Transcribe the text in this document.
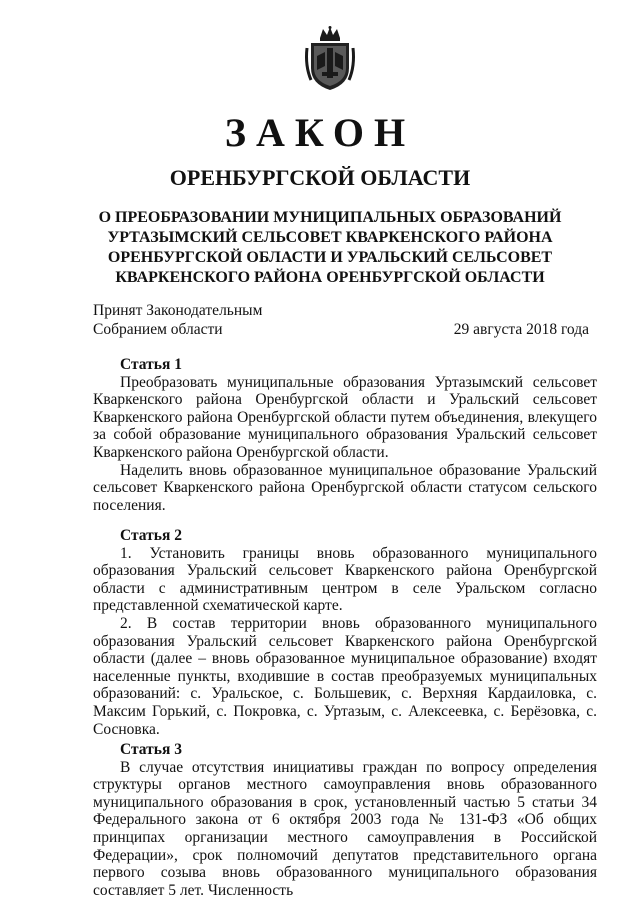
ЗАКОН
ОРЕНБУРГСКОЙ ОБЛАСТИ
О ПРЕОБРАЗОВАНИИ МУНИЦИПАЛЬНЫХ ОБРАЗОВАНИЙ
УРТАЗЫМСКИЙ СЕЛЬСОВЕТ КВАРКЕНСКОГО РАЙОНА
ОРЕНБУРГСКОЙ ОБЛАСТИ И УРАЛЬСКИЙ СЕЛЬСОВЕТ
КВАРКЕНСКОГО РАЙОНА ОРЕНБУРГСКОЙ ОБЛАСТИ
Принят Законодательным
Собранием области	29 августа 2018 года
Статья 1

Преобразовать муниципальные образования Уртазымский сельсовет Кваркенского района Оренбургской области и Уральский сельсовет Кваркенского района Оренбургской области путем объединения, влекущего за собой образование муниципального образования Уральский сельсовет Кваркенского района Оренбургской области.

Наделить вновь образованное муниципальное образование Уральский сельсовет Кваркенского района Оренбургской области статусом сельского поселения.

Статья 2

1. Установить границы вновь образованного муниципального образования Уральский сельсовет Кваркенского района Оренбургской области с административным центром в селе Уральском согласно представленной схематической карте.

2. В состав территории вновь образованного муниципального образования Уральский сельсовет Кваркенского района Оренбургской области (далее – вновь образованное муниципальное образование) входят населенные пункты, входившие в состав преобразуемых муниципальных образований: с. Уральское, с. Большевик, с. Верхняя Кардаиловка, с. Максим Горький, с. Покровка, с. Уртазым, с. Алексеевка, с. Берёзовка, с. Сосновка.

Статья 3

В случае отсутствия инициативы граждан по вопросу определения структуры органов местного самоуправления вновь образованного муниципального образования в срок, установленный частью 5 статьи 34 Федерального закона от 6 октября 2003 года № 131-ФЗ «Об общих принципах организации местного самоуправления в Российской Федерации», срок полномочий депутатов представительного органа первого созыва вновь образованного муниципального образования составляет 5 лет. Численность
